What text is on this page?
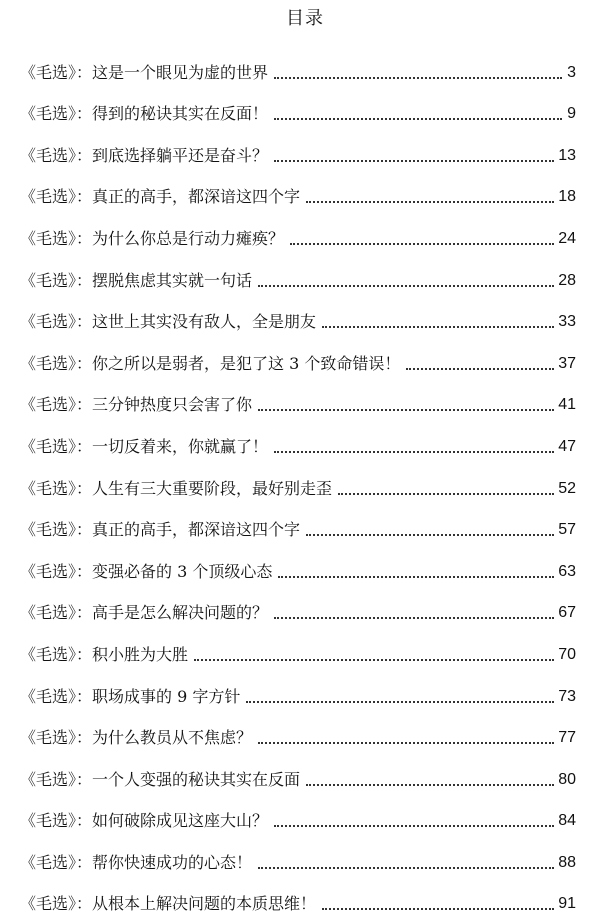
目录
《毛选》：这是一个眼见为虚的世界	3
《毛选》：得到的秘诀其实在反面！	9
《毛选》：到底选择躺平还是奋斗？	13
《毛选》：真正的高手，都深谙这四个字	18
《毛选》：为什么你总是行动力瘫痪？	24
《毛选》：摆脱焦虑其实就一句话	28
《毛选》：这世上其实没有敌人，全是朋友	33
《毛选》：你之所以是弱者，是犯了这 3 个致命错误！	37
《毛选》：三分钟热度只会害了你	41
《毛选》：一切反着来，你就赢了！	47
《毛选》：人生有三大重要阶段，最好别走歪	52
《毛选》：真正的高手，都深谙这四个字	57
《毛选》：变强必备的 3 个顶级心态	63
《毛选》：高手是怎么解决问题的？	67
《毛选》：积小胜为大胜	70
《毛选》：职场成事的 9 字方针	73
《毛选》：为什么教员从不焦虑？	77
《毛选》：一个人变强的秘诀其实在反面	80
《毛选》：如何破除成见这座大山？	84
《毛选》：帮你快速成功的心态！	88
《毛选》：从根本上解决问题的本质思维！	91
